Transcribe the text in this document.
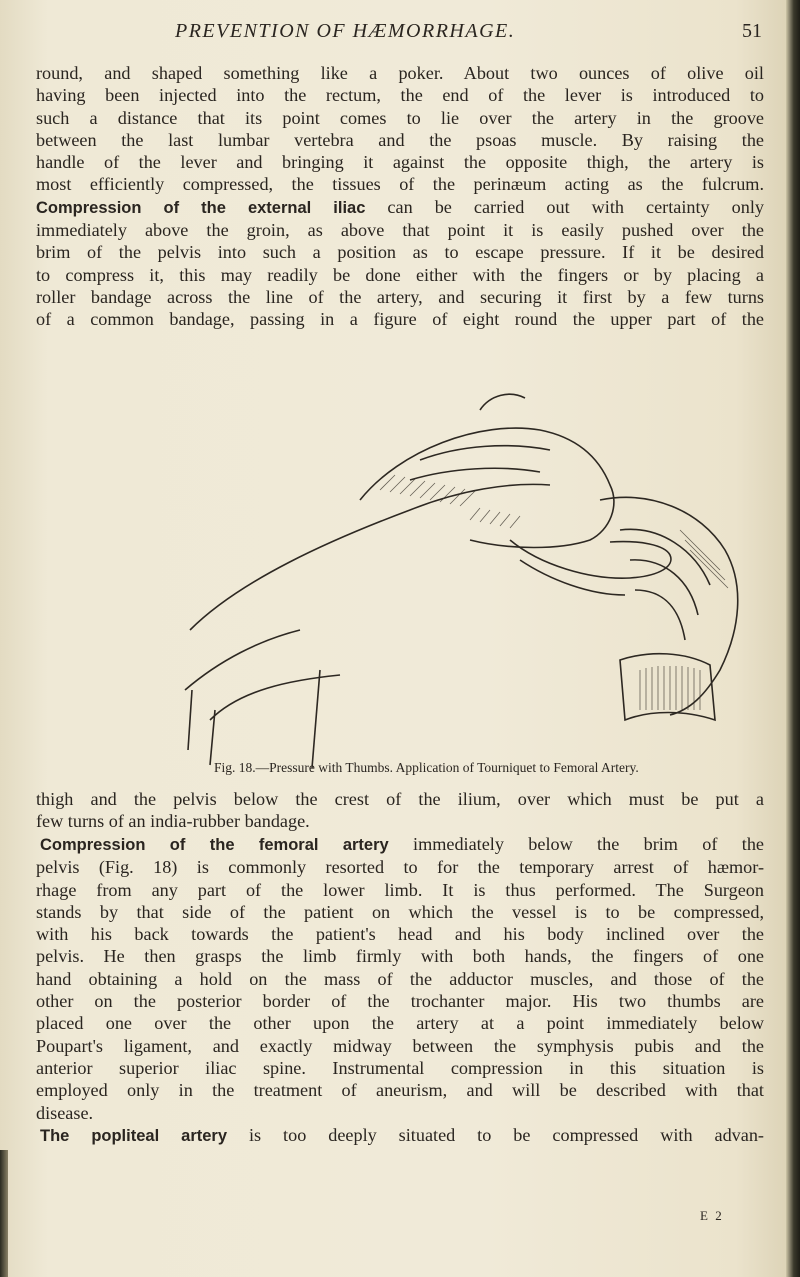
PREVENTION OF HÆMORRHAGE.	51
round, and shaped something like a poker. About two ounces of olive oil
having been injected into the rectum, the end of the lever is introduced to
such a distance that its point comes to lie over the artery in the groove
between the last lumbar vertebra and the psoas muscle. By raising the
handle of the lever and bringing it against the opposite thigh, the artery is
most efficiently compressed, the tissues of the perinæum acting as the fulcrum.
Compression of the external iliac can be carried out with certainty only
immediately above the groin, as above that point it is easily pushed over the
brim of the pelvis into such a position as to escape pressure. If it be desired
to compress it, this may readily be done either with the fingers or by placing a
roller bandage across the line of the artery, and securing it first by a few turns
of a common bandage, passing in a figure of eight round the upper part of the
Fig. 18.—Pressure with Thumbs. Application of Tourniquet to Femoral Artery.
thigh and the pelvis below the crest of the ilium, over which must be put a
few turns of an india-rubber bandage.
Compression of the femoral artery immediately below the brim of the
pelvis (Fig. 18) is commonly resorted to for the temporary arrest of hæmor-
rhage from any part of the lower limb. It is thus performed. The Surgeon
stands by that side of the patient on which the vessel is to be compressed,
with his back towards the patient's head and his body inclined over the
pelvis. He then grasps the limb firmly with both hands, the fingers of one
hand obtaining a hold on the mass of the adductor muscles, and those of the
other on the posterior border of the trochanter major. His two thumbs are
placed one over the other upon the artery at a point immediately below
Poupart's ligament, and exactly midway between the symphysis pubis and the
anterior superior iliac spine. Instrumental compression in this situation is
employed only in the treatment of aneurism, and will be described with that
disease.
The popliteal artery is too deeply situated to be compressed with advan-
E 2
